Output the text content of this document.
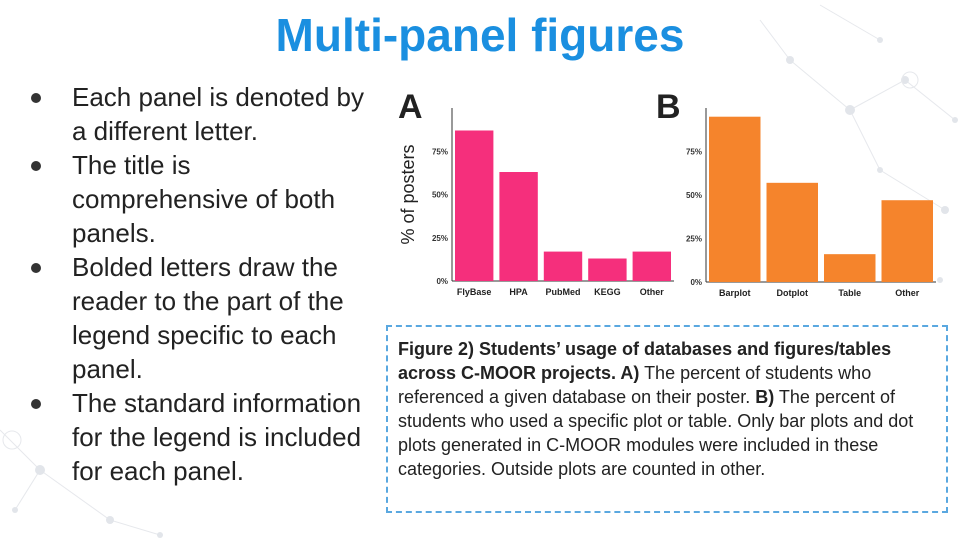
Multi-panel figures
Each panel is denoted by a different letter.
The title is comprehensive of both panels.
Bolded letters draw the reader to the part of the legend specific to each panel.
The standard information for the legend is included for each panel.
A	B
0%
25%
50%
75%
FlyBase HPA PubMed KEGG Other
% of posters
0%
25%
50%
75%
Barplot	Dotplot	Table	Other
Figure 2) Students’ usage of databases and figures/tables across C-MOOR projects. A) The percent of students who referenced a given database on their poster. B) The percent of students who used a specific plot or table. Only bar plots and dot plots generated in C-MOOR modules were included in these categories. Outside plots are counted in other.
